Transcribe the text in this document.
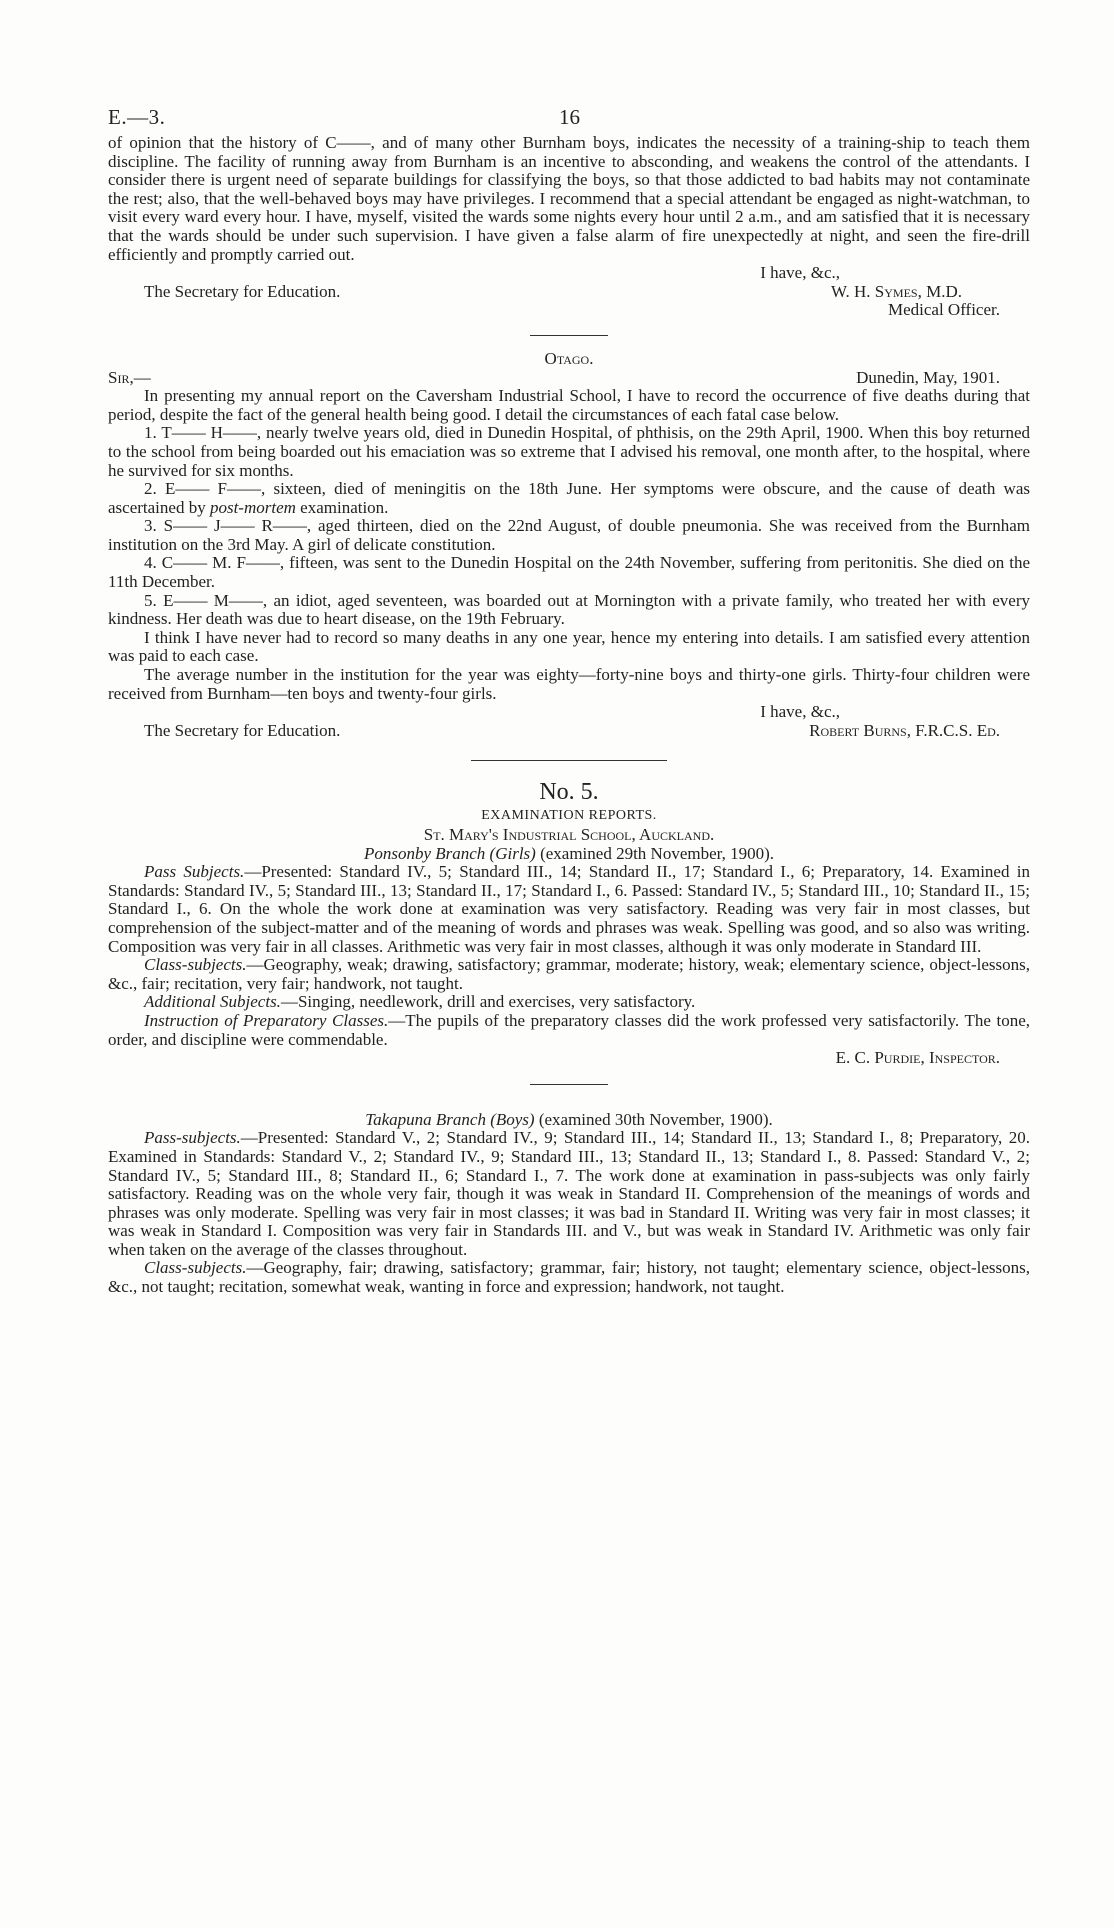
E.—3.	16

of opinion that the history of C——, and of many other Burnham boys, indicates the necessity of a training-ship to teach them discipline. The facility of running away from Burnham is an incentive to absconding, and weakens the control of the attendants. I consider there is urgent need of separate buildings for classifying the boys, so that those addicted to bad habits may not contaminate the rest; also, that the well-behaved boys may have privileges. I recommend that a special attendant be engaged as night-watchman, to visit every ward every hour. I have, myself, visited the wards some nights every hour until 2 a.m., and am satisfied that it is necessary that the wards should be under such supervision. I have given a false alarm of fire unexpectedly at night, and seen the fire-drill efficiently and promptly carried out.

I have, &c.,

The Secretary for Education.	W. H. Symes, M.D.

Medical Officer.

Otago.

Sir,—	Dunedin, May, 1901.

In presenting my annual report on the Caversham Industrial School, I have to record the occurrence of five deaths during that period, despite the fact of the general health being good. I detail the circumstances of each fatal case below.

1. T—— H——, nearly twelve years old, died in Dunedin Hospital, of phthisis, on the 29th April, 1900. When this boy returned to the school from being boarded out his emaciation was so extreme that I advised his removal, one month after, to the hospital, where he survived for six months.

2. E—— F——, sixteen, died of meningitis on the 18th June. Her symptoms were obscure, and the cause of death was ascertained by post-mortem examination.

3. S—— J—— R——, aged thirteen, died on the 22nd August, of double pneumonia. She was received from the Burnham institution on the 3rd May. A girl of delicate constitution.

4. C—— M. F——, fifteen, was sent to the Dunedin Hospital on the 24th November, suffering from peritonitis. She died on the 11th December.

5. E—— M——, an idiot, aged seventeen, was boarded out at Mornington with a private family, who treated her with every kindness. Her death was due to heart disease, on the 19th February.

I think I have never had to record so many deaths in any one year, hence my entering into details. I am satisfied every attention was paid to each case.

The average number in the institution for the year was eighty—forty-nine boys and thirty-one girls. Thirty-four children were received from Burnham—ten boys and twenty-four girls.

I have, &c.,

The Secretary for Education.	Robert Burns, F.R.C.S. Ed.

No. 5.

EXAMINATION REPORTS.

St. Mary's Industrial School, Auckland.

Ponsonby Branch (Girls) (examined 29th November, 1900).

Pass Subjects.—Presented: Standard IV., 5; Standard III., 14; Standard II., 17; Standard I., 6; Preparatory, 14. Examined in Standards: Standard IV., 5; Standard III., 13; Standard II., 17; Standard I., 6. Passed: Standard IV., 5; Standard III., 10; Standard II., 15; Standard I., 6. On the whole the work done at examination was very satisfactory. Reading was very fair in most classes, but comprehension of the subject-matter and of the meaning of words and phrases was weak. Spelling was good, and so also was writing. Composition was very fair in all classes. Arithmetic was very fair in most classes, although it was only moderate in Standard III.

Class-subjects.—Geography, weak; drawing, satisfactory; grammar, moderate; history, weak; elementary science, object-lessons, &c., fair; recitation, very fair; handwork, not taught.

Additional Subjects.—Singing, needlework, drill and exercises, very satisfactory.

Instruction of Preparatory Classes.—The pupils of the preparatory classes did the work professed very satisfactorily. The tone, order, and discipline were commendable.

E. C. Purdie, Inspector.

Takapuna Branch (Boys) (examined 30th November, 1900).

Pass-subjects.—Presented: Standard V., 2; Standard IV., 9; Standard III., 14; Standard II., 13; Standard I., 8; Preparatory, 20. Examined in Standards: Standard V., 2; Standard IV., 9; Standard III., 13; Standard II., 13; Standard I., 8. Passed: Standard V., 2; Standard IV., 5; Standard III., 8; Standard II., 6; Standard I., 7. The work done at examination in pass-subjects was only fairly satisfactory. Reading was on the whole very fair, though it was weak in Standard II. Comprehension of the meanings of words and phrases was only moderate. Spelling was very fair in most classes; it was bad in Standard II. Writing was very fair in most classes; it was weak in Standard I. Composition was very fair in Standards III. and V., but was weak in Standard IV. Arithmetic was only fair when taken on the average of the classes throughout.

Class-subjects.—Geography, fair; drawing, satisfactory; grammar, fair; history, not taught; elementary science, object-lessons, &c., not taught; recitation, somewhat weak, wanting in force and expression; handwork, not taught.
